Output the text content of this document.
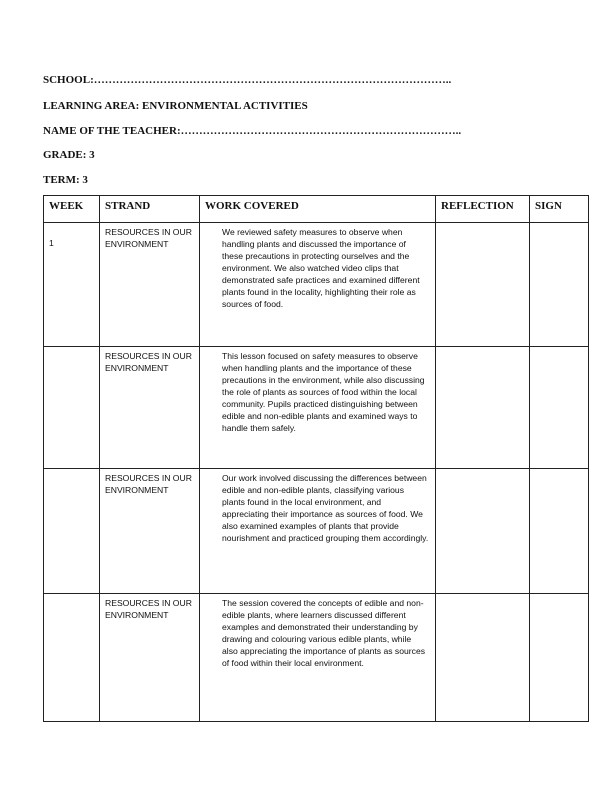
SCHOOL:……………………………………………………………………………………..
LEARNING AREA: ENVIRONMENTAL ACTIVITIES
NAME OF THE TEACHER:…………………………………………………………………..
GRADE: 3
TERM: 3
WEEK	STRAND	WORK COVERED	REFLECTION	SIGN
1	RESOURCES IN OUR ENVIRONMENT	We reviewed safety measures to observe when handling plants and discussed the importance of these precautions in protecting ourselves and the environment. We also watched video clips that demonstrated safe practices and examined different plants found in the locality, highlighting their role as sources of food.		
	RESOURCES IN OUR ENVIRONMENT	This lesson focused on safety measures to observe when handling plants and the importance of these precautions in the environment, while also discussing the role of plants as sources of food within the local community. Pupils practiced distinguishing between edible and non-edible plants and examined ways to handle them safely.		
	RESOURCES IN OUR ENVIRONMENT	Our work involved discussing the differences between edible and non-edible plants, classifying various plants found in the local environment, and appreciating their importance as sources of food. We also examined examples of plants that provide nourishment and practiced grouping them accordingly.		
	RESOURCES IN OUR ENVIRONMENT	The session covered the concepts of edible and non-edible plants, where learners discussed different examples and demonstrated their understanding by drawing and colouring various edible plants, while also appreciating the importance of plants as sources of food within their local environment.		
